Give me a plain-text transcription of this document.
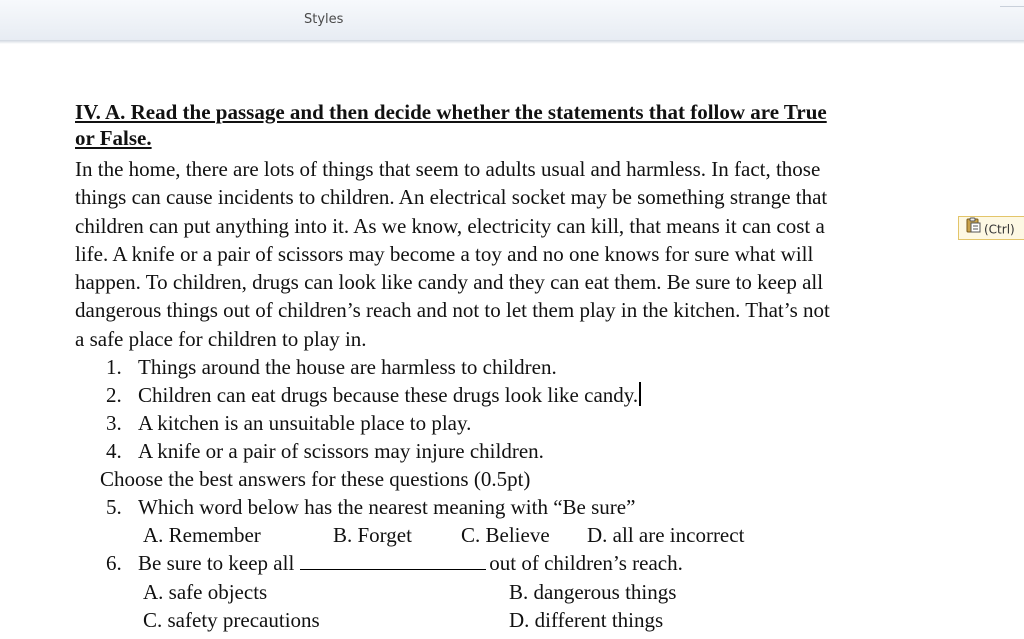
Styles
IV. A. Read the passage and then decide whether the statements that follow are True
or False.
In the home, there are lots of things that seem to adults usual and harmless. In fact, those
things can cause incidents to children. An electrical socket may be something strange that
children can put anything into it. As we know, electricity can kill, that means it can cost a
life. A knife or a pair of scissors may become a toy and no one knows for sure what will
happen. To children, drugs can look like candy and they can eat them. Be sure to keep all
dangerous things out of children’s reach and not to let them play in the kitchen. That’s not
a safe place for children to play in.
1. Things around the house are harmless to children.
2. Children can eat drugs because these drugs look like candy.
3. A kitchen is an unsuitable place to play.
4. A knife or a pair of scissors may injure children.
Choose the best answers for these questions (0.5pt)
5. Which word below has the nearest meaning with “Be sure”
A. Remember	B. Forget C. Believe D. all are incorrect
6. Be sure to keep all	out of children’s reach.
A. safe objects	B. dangerous things
C. safety precautions	D. different things
(Ctrl)
